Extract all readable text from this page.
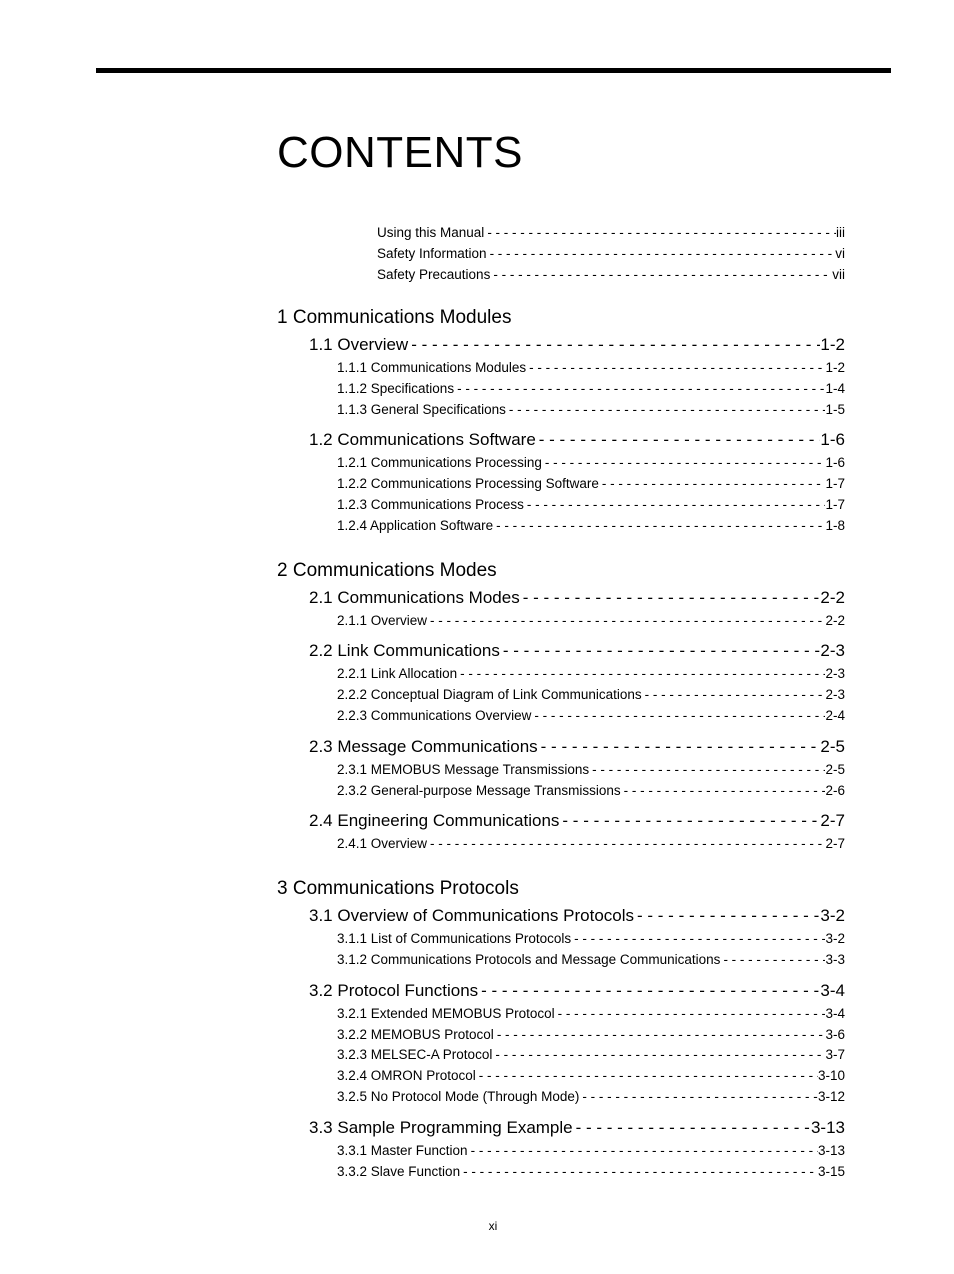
CONTENTS
Using this Manual - - -	iii
Safety Information - - -	vi
Safety Precautions - - -	vii
1 Communications Modules
1.1 Overview - - -	1-2
1.1.1 Communications Modules - - -	1-2
1.1.2 Specifications - - -	1-4
1.1.3 General Specifications - - -	1-5
1.2 Communications Software - - -	1-6
1.2.1 Communications Processing - - -	1-6
1.2.2 Communications Processing Software - - -	1-7
1.2.3 Communications Process - - -	1-7
1.2.4 Application Software - - -	1-8
2 Communications Modes
2.1 Communications Modes - - -	2-2
2.1.1 Overview - - -	2-2
2.2 Link Communications - - -	2-3
2.2.1 Link Allocation - - -	2-3
2.2.2 Conceptual Diagram of Link Communications - - -	2-3
2.2.3 Communications Overview - - -	2-4
2.3 Message Communications - - -	2-5
2.3.1 MEMOBUS Message Transmissions - - -	2-5
2.3.2 General-purpose Message Transmissions - - -	2-6
2.4 Engineering Communications - - -	2-7
2.4.1 Overview - - -	2-7
3 Communications Protocols
3.1 Overview of Communications Protocols - - -	3-2
3.1.1 List of Communications Protocols - - -	3-2
3.1.2 Communications Protocols and Message Communications - - -	3-3
3.2 Protocol Functions - - -	3-4
3.2.1 Extended MEMOBUS Protocol - - -	3-4
3.2.2 MEMOBUS Protocol - - -	3-6
3.2.3 MELSEC-A Protocol - - -	3-7
3.2.4 OMRON Protocol - - -	3-10
3.2.5 No Protocol Mode (Through Mode) - - -	3-12
3.3 Sample Programming Example - - -	3-13
3.3.1 Master Function - - -	3-13
3.3.2 Slave Function - - -	3-15
xi
